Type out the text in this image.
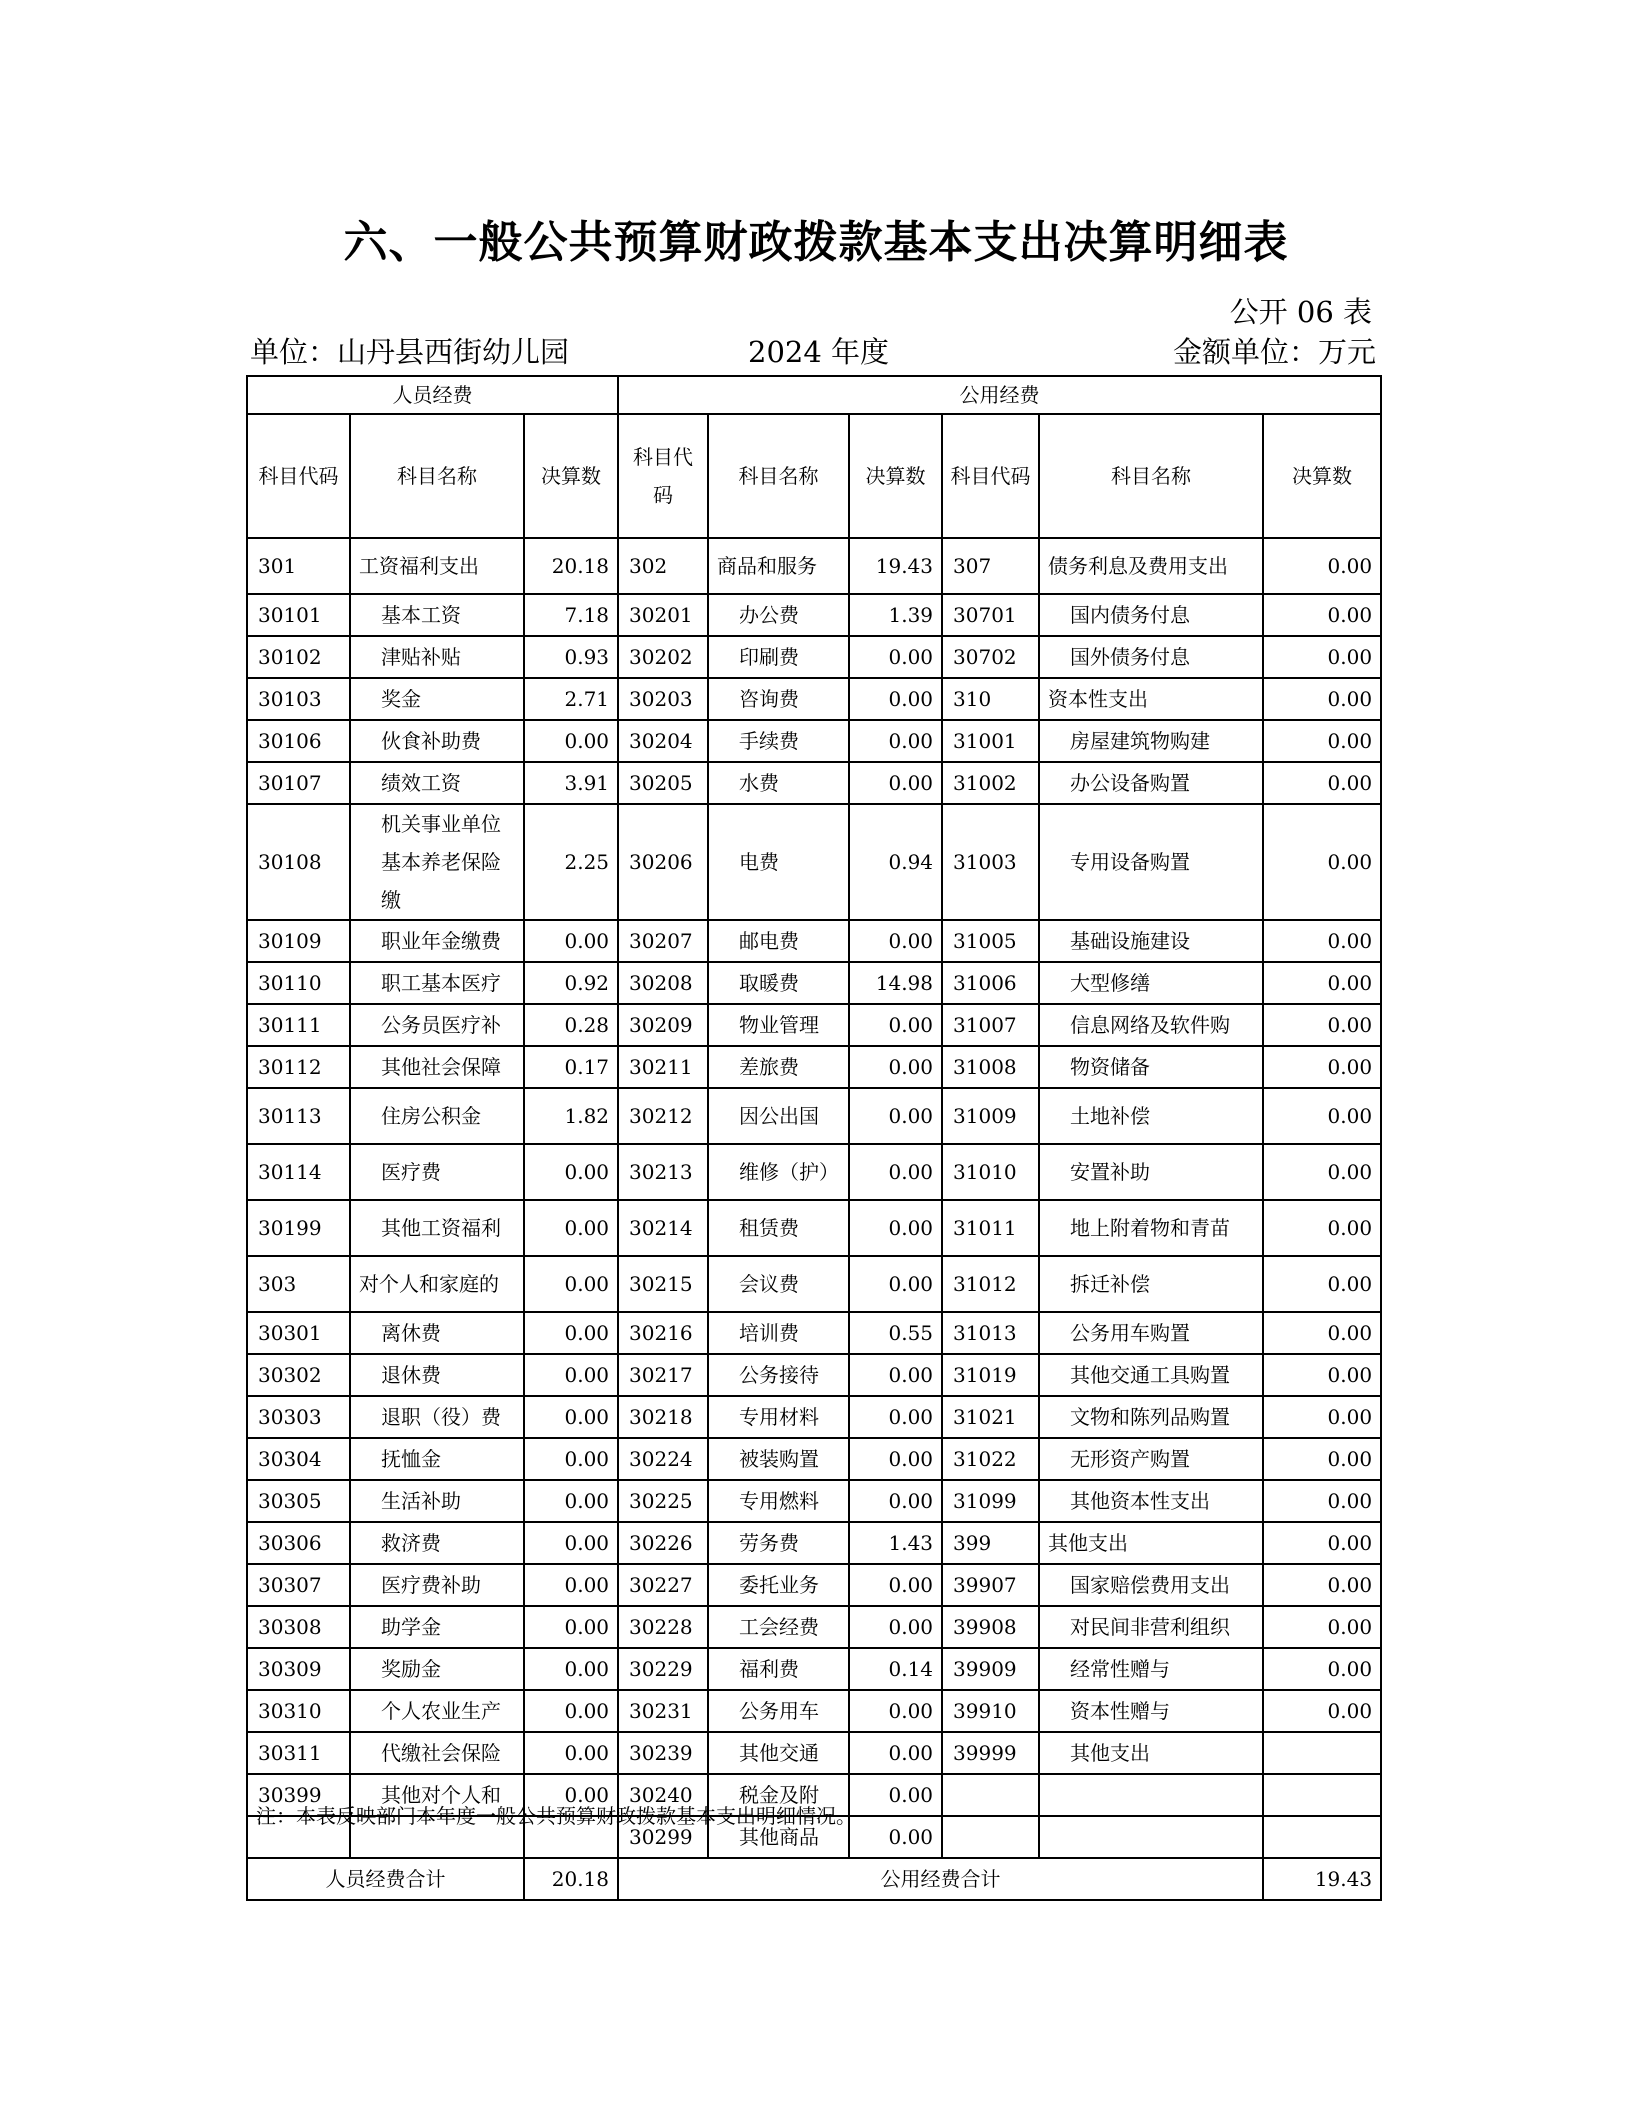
六、一般公共预算财政拨款基本支出决算明细表
公开 06 表
单位：山丹县西街幼儿园	2024 年度	金额单位：万元
人员经费			公用经费					
科目代码	科目名称	决算数	科目代码	科目名称	决算数	科目代码	科目名称	决算数
301	工资福利支出	20.18	302	商品和服务	19.43	307	债务利息及费用支出	0.00
30101	基本工资	7.18	30201	办公费	1.39	30701	国内债务付息	0.00
30102	津贴补贴	0.93	30202	印刷费	0.00	30702	国外债务付息	0.00
30103	奖金	2.71	30203	咨询费	0.00	310	资本性支出	0.00
30106	伙食补助费	0.00	30204	手续费	0.00	31001	房屋建筑物购建	0.00
30107	绩效工资	3.91	30205	水费	0.00	31002	办公设备购置	0.00
30108	机关事业单位基本养老保险缴	2.25	30206	电费	0.94	31003	专用设备购置	0.00
30109	职业年金缴费	0.00	30207	邮电费	0.00	31005	基础设施建设	0.00
30110	职工基本医疗	0.92	30208	取暖费	14.98	31006	大型修缮	0.00
30111	公务员医疗补	0.28	30209	物业管理	0.00	31007	信息网络及软件购	0.00
30112	其他社会保障	0.17	30211	差旅费	0.00	31008	物资储备	0.00
30113	住房公积金	1.82	30212	因公出国	0.00	31009	土地补偿	0.00
30114	医疗费	0.00	30213	维修（护）	0.00	31010	安置补助	0.00
30199	其他工资福利	0.00	30214	租赁费	0.00	31011	地上附着物和青苗	0.00
303	对个人和家庭的	0.00	30215	会议费	0.00	31012	拆迁补偿	0.00
30301	离休费	0.00	30216	培训费	0.55	31013	公务用车购置	0.00
30302	退休费	0.00	30217	公务接待	0.00	31019	其他交通工具购置	0.00
30303	退职（役）费	0.00	30218	专用材料	0.00	31021	文物和陈列品购置	0.00
30304	抚恤金	0.00	30224	被装购置	0.00	31022	无形资产购置	0.00
30305	生活补助	0.00	30225	专用燃料	0.00	31099	其他资本性支出	0.00
30306	救济费	0.00	30226	劳务费	1.43	399	其他支出	0.00
30307	医疗费补助	0.00	30227	委托业务	0.00	39907	国家赔偿费用支出	0.00
30308	助学金	0.00	30228	工会经费	0.00	39908	对民间非营利组织	0.00
30309	奖励金	0.00	30229	福利费	0.14	39909	经常性赠与	0.00
30310	个人农业生产	0.00	30231	公务用车	0.00	39910	资本性赠与	0.00
30311	代缴社会保险	0.00	30239	其他交通	0.00	39999	其他支出	
30399	其他对个人和	0.00	30240	税金及附	0.00			
			30299	其他商品	0.00			
人员经费合计		20.18	公用经费合计					19.43
注：本表反映部门本年度一般公共预算财政拨款基本支出明细情况。
